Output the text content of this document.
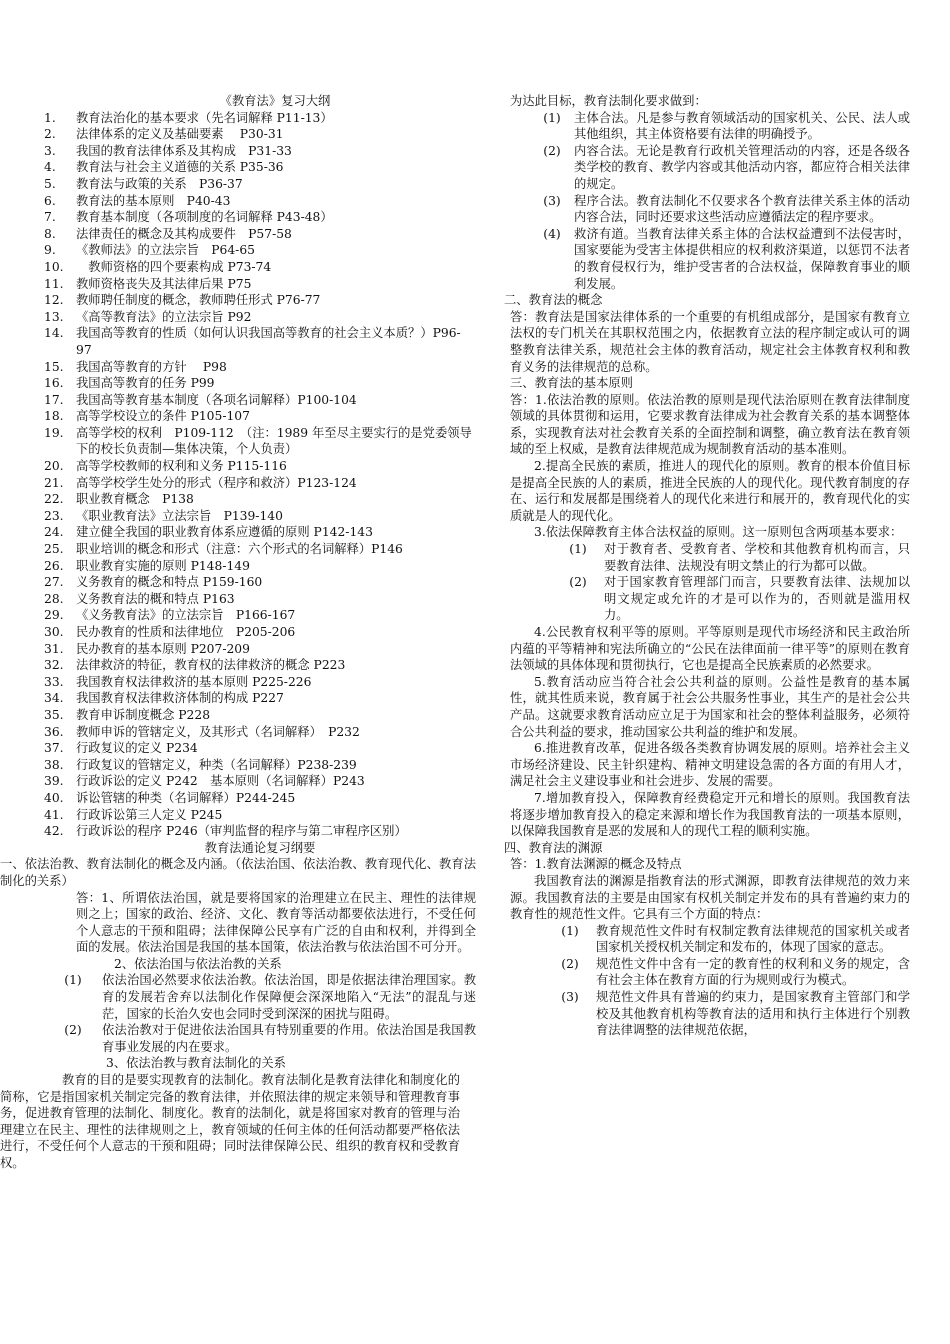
《教育法》复习大纲
1.	教育法治化的基本要求（先名词解释 P11-13）
2.	法律体系的定义及基础要素　 P30-31
3.	我国的教育法律体系及其构成　P31-33
4.	教育法与社会主义道德的关系 P35-36
5.	教育法与政策的关系　P36-37
6.	教育法的基本原则　P40-43
7.	教育基本制度（各项制度的名词解释 P43-48）
8.	法律责任的概念及其构成要件　P57-58
9.	《教师法》的立法宗旨　P64-65
10.	　教师资格的四个要素构成 P73-74
11.	教师资格丧失及其法律后果 P75
12.	教师聘任制度的概念，教师聘任形式 P76-77
13.	《高等教育法》的立法宗旨 P92
14.	我国高等教育的性质（如何认识我国高等教育的社会主义本质？）P96-97
15.	我国高等教育的方针　 P98
16.	我国高等教育的任务 P99
17.	我国高等教育基本制度（各项名词解释）P100-104
18.	高等学校设立的条件 P105-107
19.	高等学校的权利　P109-112　（注：1989 年至尽主要实行的是党委领导下的校长负责制—集体决策，个人负责）
20.	高等学校教师的权利和义务 P115-116
21.	高等学校学生处分的形式（程序和救济）P123-124
22.	职业教育概念　P138
23.	《职业教育法》立法宗旨　P139-140
24.	建立健全我国的职业教育体系应遵循的原则 P142-143
25.	职业培训的概念和形式（注意：六个形式的名词解释）P146
26.	职业教育实施的原则 P148-149
27.	义务教育的概念和特点 P159-160
28.	义务教育法的概和特点 P163
29.	《义务教育法》的立法宗旨　P166-167
30.	民办教育的性质和法律地位　P205-206
31.	民办教育的基本原则 P207-209
32.	法律救济的特征，教育权的法律救济的概念 P223
33.	我国教育权法律救济的基本原则 P225-226
34.	我国教育权法律救济体制的构成 P227
35.	教育申诉制度概念 P228
36.	教师申诉的管辖定义，及其形式（名词解释）　P232
37.	行政复议的定义 P234
38.	行政复议的管辖定义，种类（名词解释）P238-239
39.	行政诉讼的定义 P242　基本原则（名词解释）P243
40.	诉讼管辖的种类（名词解释）P244-245
41.	行政诉讼第三人定义 P245
42.	行政诉讼的程序 P246（审判监督的程序与第二审程序区别）
教育法通论复习纲要
一、依法治教、教育法制化的概念及内涵。（依法治国、依法治教、教育现代化、教育法制化的关系）
答：1、所谓依法治国，就是要将国家的治理建立在民主、理性的法律规则之上；国家的政治、经济、文化、教育等活动都要依法进行，不受任何个人意志的干预和阻碍；法律保障公民享有广泛的自由和权利，并得到全面的发展。依法治国是我国的基本国策，依法治教与依法治国不可分开。
2、依法治国与依法治教的关系
(1)	依法治国必然要求依法治教。依法治国，即是依据法律治理国家。教育的发展若舍弃以法制化作保障便会深深地陷入“无法”的混乱与迷茫，国家的长治久安也会同时受到深深的困扰与阻碍。
(2)	依法治教对于促进依法治国具有特别重要的作用。依法治国是我国教育事业发展的内在要求。
3、依法治教与教育法制化的关系
教育的目的是要实现教育的法制化。教育法制化是教育法律化和制度化的简称，它是指国家机关制定完备的教育法律，并依照法律的规定来领导和管理教育事务，促进教育管理的法制化、制度化。教育的法制化，就是将国家对教育的管理与治理建立在民主、理性的法律规则之上，教育领域的任何主体的任何活动都要严格依法进行，不受任何个人意志的干预和阻碍；同时法律保障公民、组织的教育权和受教育权。
为达此目标，教育法制化要求做到：
(1)	主体合法。凡是参与教育领域活动的国家机关、公民、法人或其他组织，其主体资格要有法律的明确授予。
(2)	内容合法。无论是教育行政机关管理活动的内容，还是各级各类学校的教育、教学内容或其他活动内容，都应符合相关法律的规定。
(3)	程序合法。教育法制化不仅要求各个教育法律关系主体的活动内容合法，同时还要求这些活动应遵循法定的程序要求。
(4)	救济有道。当教育法律关系主体的合法权益遭到不法侵害时，国家要能为受害主体提供相应的权利救济渠道，以惩罚不法者的教育侵权行为，维护受害者的合法权益，保障教育事业的顺利发展。
二、教育法的概念
答：教育法是国家法律体系的一个重要的有机组成部分，是国家有教育立法权的专门机关在其职权范围之内，依据教育立法的程序制定或认可的调整教育法律关系，规范社会主体的教育活动，规定社会主体教育权利和教育义务的法律规范的总称。
三、教育法的基本原则
答：1.依法治教的原则。依法治教的原则是现代法治原则在教育法律制度领域的具体贯彻和运用，它要求教育法律成为社会教育关系的基本调整体系，实现教育法对社会教育关系的全面控制和调整，确立教育法在教育领域的至上权威，是教育法律规范成为规制教育活动的基本准则。
2.提高全民族的素质，推进人的现代化的原则。教育的根本价值目标是提高全民族的人的素质，推进全民族的人的现代化。现代教育制度的存在、运行和发展都是围绕着人的现代化来进行和展开的，教育现代化的实质就是人的现代化。
3.依法保障教育主体合法权益的原则。这一原则包含两项基本要求：
(1)	对于教育者、受教育者、学校和其他教育机构而言，只要教育法律、法规没有明文禁止的行为都可以做。
(2)	对于国家教育管理部门而言，只要教育法律、法规加以明文规定或允许的才是可以作为的，否则就是滥用权力。
4.公民教育权利平等的原则。平等原则是现代市场经济和民主政治所内蕴的平等精神和宪法所确立的“公民在法律面前一律平等”的原则在教育法领域的具体体现和贯彻执行，它也是提高全民族素质的必然要求。
5.教育活动应当符合社会公共利益的原则。公益性是教育的基本属性，就其性质来说，教育属于社会公共服务性事业，其生产的是社会公共产品。这就要求教育活动应立足于为国家和社会的整体利益服务，必须符合公共利益的要求，推动国家公共利益的维护和发展。
6.推进教育改革，促进各级各类教育协调发展的原则。培养社会主义市场经济建设、民主针织建构、精神文明建设急需的各方面的有用人才，满足社会主义建设事业和社会进步、发展的需要。
7.增加教育投入，保障教育经费稳定开元和增长的原则。我国教育法将逐步增加教育投入的稳定来源和增长作为我国教育法的一项基本原则，以保障我国教育是恶的发展和人的现代工程的顺利实施。
四、教育法的渊源
答：1.教育法渊源的概念及特点
我国教育法的渊源是指教育法的形式渊源，即教育法律规范的效力来源。我国教育法的主要是由国家有权机关制定并发布的具有普遍约束力的教育性的规范性文件。它具有三个方面的特点：
(1)	教育规范性文件时有权制定教育法律规范的国家机关或者国家机关授权机关制定和发布的，体现了国家的意志。
(2)	规范性文件中含有一定的教育性的权利和义务的规定，含有社会主体在教育方面的行为规则或行为模式。
(3)	规范性文件具有普遍的约束力，是国家教育主管部门和学校及其他教育机构等教育法的适用和执行主体进行个别教育法律调整的法律规范依据，
